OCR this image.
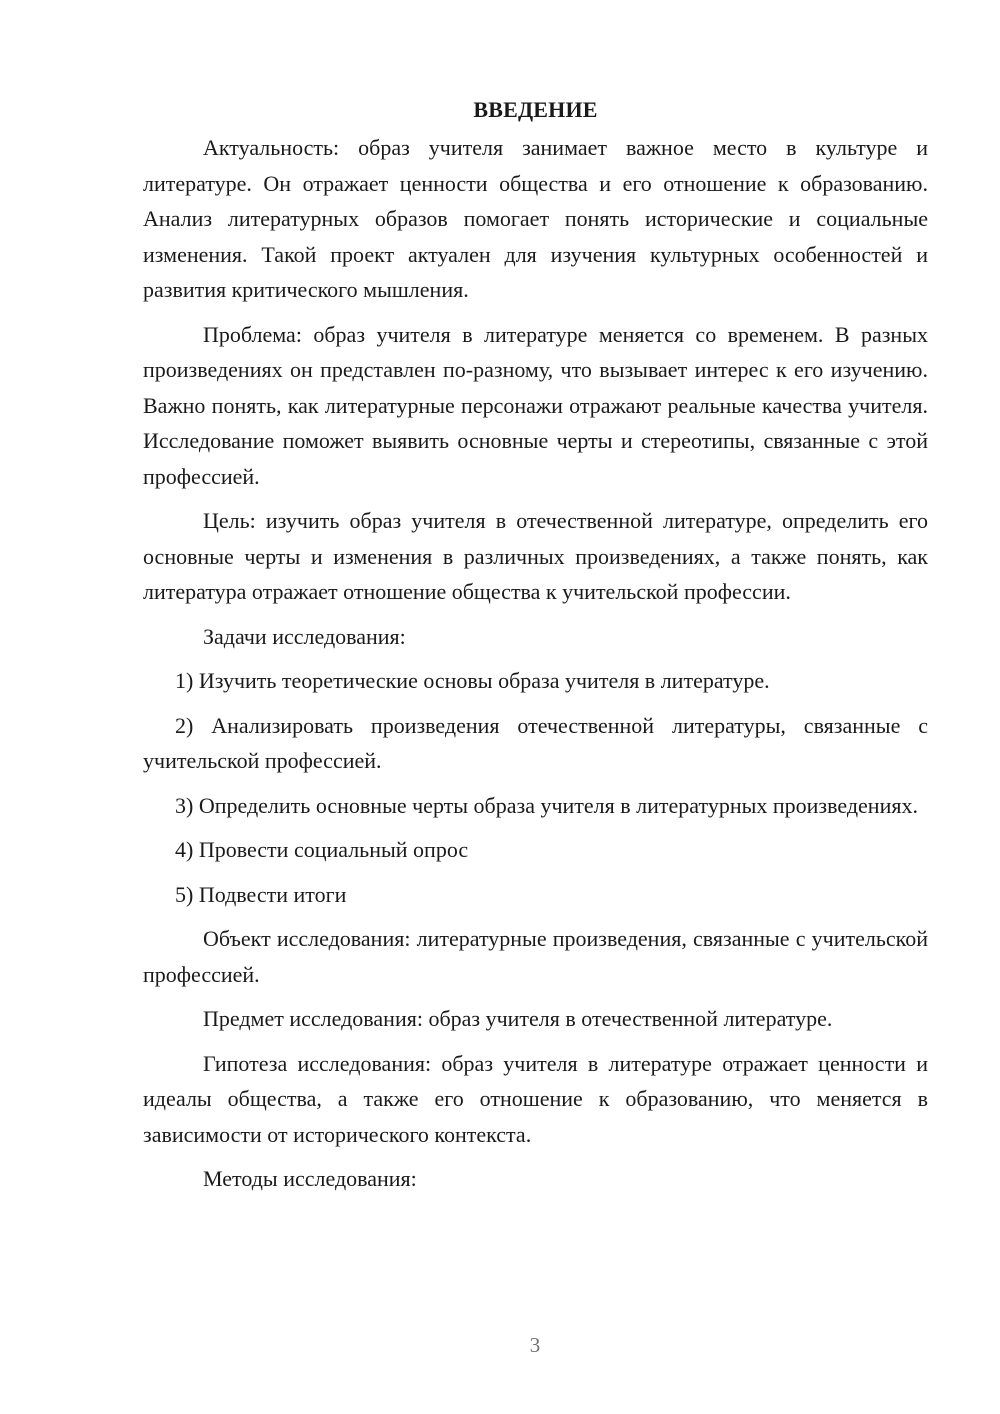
ВВЕДЕНИЕ

Актуальность: образ учителя занимает важное место в культуре и литературе. Он отражает ценности общества и его отношение к образованию. Анализ литературных образов помогает понять исторические и социальные изменения. Такой проект актуален для изучения культурных особенностей и развития критического мышления.

Проблема: образ учителя в литературе меняется со временем. В разных произведениях он представлен по-разному, что вызывает интерес к его изучению. Важно понять, как литературные персонажи отражают реальные качества учителя. Исследование поможет выявить основные черты и стереотипы, связанные с этой профессией.

Цель: изучить образ учителя в отечественной литературе, определить его основные черты и изменения в различных произведениях, а также понять, как литература отражает отношение общества к учительской профессии.

Задачи исследования:

1) Изучить теоретические основы образа учителя в литературе.

2) Анализировать произведения отечественной литературы, связанные с учительской профессией.

3) Определить основные черты образа учителя в литературных произведениях.

4) Провести социальный опрос

5) Подвести итоги

Объект исследования: литературные произведения, связанные с учительской профессией.

Предмет исследования: образ учителя в отечественной литературе.

Гипотеза исследования: образ учителя в литературе отражает ценности и идеалы общества, а также его отношение к образованию, что меняется в зависимости от исторического контекста.

Методы исследования:

3
